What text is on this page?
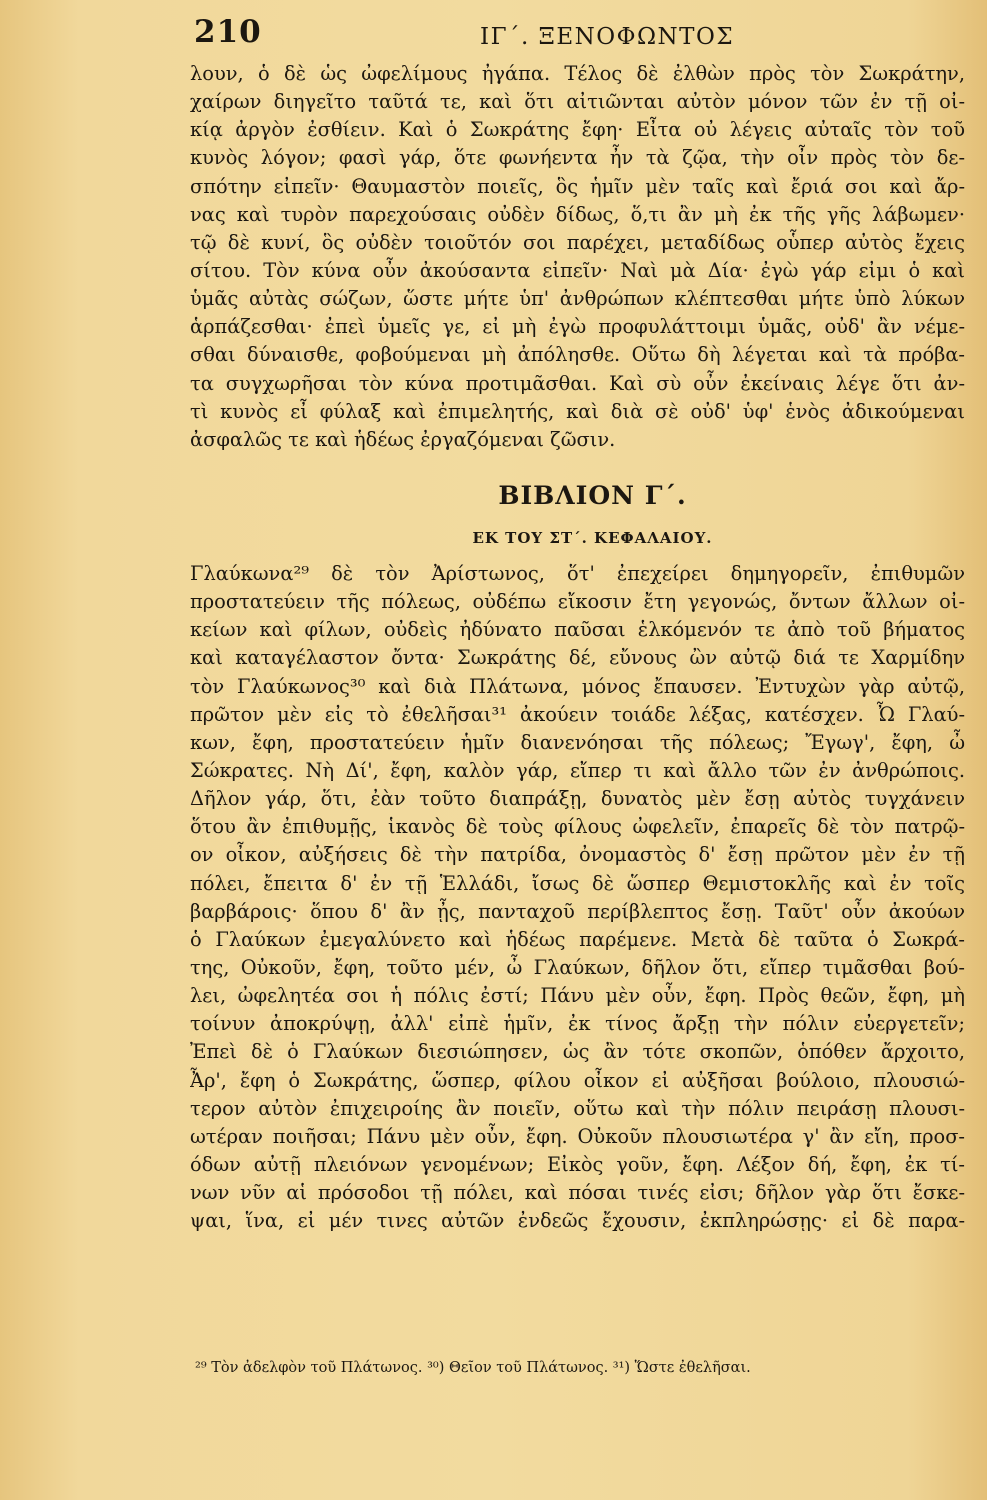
210	ΙΓ΄. ΞΕΝΟΦΩΝΤΟΣ
λουν, ὁ δὲ ὡς ὠφελίμους ἠγάπα. Τέλος δὲ ἐλθὼν πρὸς τὸν Σωκράτην,
χαίρων διηγεῖτο ταῦτά τε, καὶ ὅτι αἰτιῶνται αὐτὸν μόνον τῶν ἐν τῇ οἰ-
κίᾳ ἀργὸν ἐσθίειν. Καὶ ὁ Σωκράτης ἔφη· Εἶτα οὐ λέγεις αὐταῖς τὸν τοῦ
κυνὸς λόγον; φασὶ γάρ, ὅτε φωνήεντα ἦν τὰ ζῷα, τὴν οἶν πρὸς τὸν δε-
σπότην εἰπεῖν· Θαυμαστὸν ποιεῖς, ὃς ἡμῖν μὲν ταῖς καὶ ἔριά σοι καὶ ἄρ-
νας καὶ τυρὸν παρεχούσαις οὐδὲν δίδως, ὅ,τι ἂν μὴ ἐκ τῆς γῆς λάβωμεν·
τῷ δὲ κυνί, ὃς οὐδὲν τοιοῦτόν σοι παρέχει, μεταδίδως οὗπερ αὐτὸς ἔχεις
σίτου. Τὸν κύνα οὖν ἀκούσαντα εἰπεῖν· Ναὶ μὰ Δία· ἐγὼ γάρ εἰμι ὁ καὶ
ὑμᾶς αὐτὰς σώζων, ὥστε μήτε ὑπ' ἀνθρώπων κλέπτεσθαι μήτε ὑπὸ λύκων
ἁρπάζεσθαι· ἐπεὶ ὑμεῖς γε, εἰ μὴ ἐγὼ προφυλάττοιμι ὑμᾶς, οὐδ' ἂν νέμε-
σθαι δύναισθε, φοβούμεναι μὴ ἀπόλησθε. Οὕτω δὴ λέγεται καὶ τὰ πρόβα-
τα συγχωρῆσαι τὸν κύνα προτιμᾶσθαι. Καὶ σὺ οὖν ἐκείναις λέγε ὅτι ἀν-
τὶ κυνὸς εἶ φύλαξ καὶ ἐπιμελητής, καὶ διὰ σὲ οὐδ' ὑφ' ἑνὸς ἀδικούμεναι
ἀσφαλῶς τε καὶ ἡδέως ἐργαζόμεναι ζῶσιν.
ΒΙΒΛΙΟΝ Γ΄.
ΕΚ ΤΟΥ ΣΤ΄. ΚΕΦΑΛΑΙΟΥ.
Γλαύκωνα²⁹ δὲ τὸν Ἀρίστωνος, ὅτ' ἐπεχείρει δημηγορεῖν, ἐπιθυμῶν
προστατεύειν τῆς πόλεως, οὐδέπω εἴκοσιν ἔτη γεγονώς, ὄντων ἄλλων οἰ-
κείων καὶ φίλων, οὐδεὶς ἠδύνατο παῦσαι ἑλκόμενόν τε ἀπὸ τοῦ βήματος
καὶ καταγέλαστον ὄντα· Σωκράτης δέ, εὔνους ὢν αὐτῷ διά τε Χαρμίδην
τὸν Γλαύκωνος³⁰ καὶ διὰ Πλάτωνα, μόνος ἔπαυσεν. Ἐντυχὼν γὰρ αὐτῷ,
πρῶτον μὲν εἰς τὸ ἐθελῆσαι³¹ ἀκούειν τοιάδε λέξας, κατέσχεν. Ὦ Γλαύ-
κων, ἔφη, προστατεύειν ἡμῖν διανενόησαι τῆς πόλεως; Ἔγωγ', ἔφη, ὦ
Σώκρατες. Νὴ Δί', ἔφη, καλὸν γάρ, εἴπερ τι καὶ ἄλλο τῶν ἐν ἀνθρώποις.
Δῆλον γάρ, ὅτι, ἐὰν τοῦτο διαπράξῃ, δυνατὸς μὲν ἔσῃ αὐτὸς τυγχάνειν
ὅτου ἂν ἐπιθυμῇς, ἱκανὸς δὲ τοὺς φίλους ὠφελεῖν, ἐπαρεῖς δὲ τὸν πατρῷ-
ον οἶκον, αὐξήσεις δὲ τὴν πατρίδα, ὀνομαστὸς δ' ἔσῃ πρῶτον μὲν ἐν τῇ
πόλει, ἔπειτα δ' ἐν τῇ Ἑλλάδι, ἴσως δὲ ὥσπερ Θεμιστοκλῆς καὶ ἐν τοῖς
βαρβάροις· ὅπου δ' ἂν ᾖς, πανταχοῦ περίβλεπτος ἔσῃ. Ταῦτ' οὖν ἀκούων
ὁ Γλαύκων ἐμεγαλύνετο καὶ ἡδέως παρέμενε. Μετὰ δὲ ταῦτα ὁ Σωκρά-
της, Οὐκοῦν, ἔφη, τοῦτο μέν, ὦ Γλαύκων, δῆλον ὅτι, εἴπερ τιμᾶσθαι βού-
λει, ὠφελητέα σοι ἡ πόλις ἐστί; Πάνυ μὲν οὖν, ἔφη. Πρὸς θεῶν, ἔφη, μὴ
τοίνυν ἀποκρύψῃ, ἀλλ' εἰπὲ ἡμῖν, ἐκ τίνος ἄρξῃ τὴν πόλιν εὐεργετεῖν;
Ἐπεὶ δὲ ὁ Γλαύκων διεσιώπησεν, ὡς ἂν τότε σκοπῶν, ὁπόθεν ἄρχοιτο,
Ἆρ', ἔφη ὁ Σωκράτης, ὥσπερ, φίλου οἶκον εἰ αὐξῆσαι βούλοιο, πλουσιώ-
τερον αὐτὸν ἐπιχειροίης ἂν ποιεῖν, οὕτω καὶ τὴν πόλιν πειράσῃ πλουσι-
ωτέραν ποιῆσαι; Πάνυ μὲν οὖν, ἔφη. Οὐκοῦν πλουσιωτέρα γ' ἂν εἴη, προσ-
όδων αὐτῇ πλειόνων γενομένων; Εἰκὸς γοῦν, ἔφη. Λέξον δή, ἔφη, ἐκ τί-
νων νῦν αἱ πρόσοδοι τῇ πόλει, καὶ πόσαι τινές εἰσι; δῆλον γὰρ ὅτι ἔσκε-
ψαι, ἵνα, εἰ μέν τινες αὐτῶν ἐνδεῶς ἔχουσιν, ἐκπληρώσῃς· εἰ δὲ παρα-
²⁹ Τὸν ἀδελφὸν τοῦ Πλάτωνος. ³⁰) Θεῖον τοῦ Πλάτωνος. ³¹) Ὥστε ἐθελῆσαι.
